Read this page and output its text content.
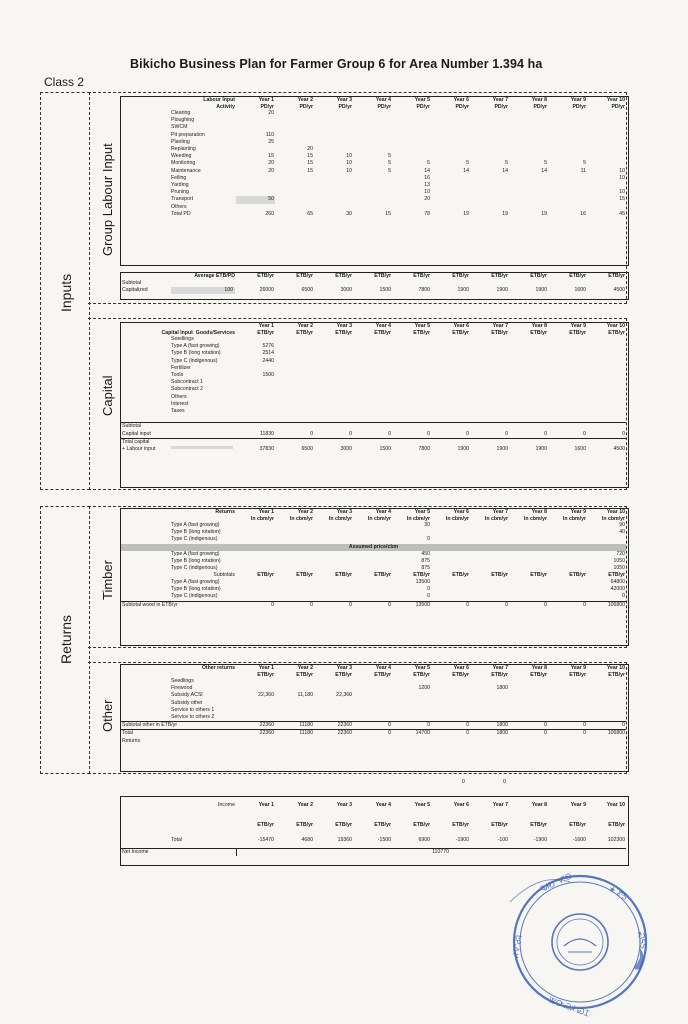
Bikicho Business Plan for Farmer Group 6 for Area Number 1.394 ha
Class 2
Inputs
Returns
Group Labour Input
Capital
Timber
Other
Labour Input	Year 1	Year 2	Year 3	Year 4	Year 5	Year 6	Year 7	Year 8	Year 9	Year 10
Activity	PD/yr	PD/yr	PD/yr	PD/yr	PD/yr	PD/yr	PD/yr	PD/yr	PD/yr	PD/yr
Clearing	20									
Ploughing										
SWCM										
Pit preparation	110									
Planting	25									
Replanting		20								
Weeding	15	15	10	5						
Monitoring	20	15	10	5	5	5	5	5	5	
Maintenance	20	15	10	5	14	14	14	14	11	10
Felling					16					10
Yarding					13					
Pruning					10					10
Transport	50				20					15
Others										
Total PD	260	65	30	15	78	19	19	19	16	45
Average ETB/PD	ETB/yr	ETB/yr	ETB/yr	ETB/yr	ETB/yr	ETB/yr	ETB/yr	ETB/yr	ETB/yr	ETB/yr
Subtotal										
Capitalized 100	26000	6500	3000	1500	7800	1900	1900	1900	1600	4500
	Year 1	Year 2	Year 3	Year 4	Year 5	Year 6	Year 7	Year 8	Year 9	Year 10
Capital Input Goods/Services	ETB/yr	ETB/yr	ETB/yr	ETB/yr	ETB/yr	ETB/yr	ETB/yr	ETB/yr	ETB/yr	ETB/yr
Seedlings										
Type A (fast growing)	5276									
Type B (long rotation)	2514									
Type C (indigenous)	2440									
Fertilizer										
Tools	1500									
Subcontract 1										
Subcontract 2										
Others										
Interest										
Taxes										

Subtotal										
Capital input	11830	0	0	0	0	0	0	0	0	0
Total capital										
+ Labour input	37830	6500	3000	1500	7800	1900	1900	1900	1600	4500
Returns	Year 1	Year 2	Year 3	Year 4	Year 5	Year 6	Year 7	Year 8	Year 9	Year 10
	In cbm/yr	In cbm/yr	In cbm/yr	In cbm/yr	In cbm/yr	In cbm/yr	In cbm/yr	In cbm/yr	In cbm/yr	In cbm/yr
Type A (fast growing)					30					90
Type B (long rotation)										40
Type C (indigenous)					0					
Assumed price/cbm										
Type A (fast growing)					450					720
Type B (long rotation)					875					1050
Type C (indigenous)					875					1050
Subtotals	ETB/yr	ETB/yr	ETB/yr	ETB/yr	ETB/yr	ETB/yr	ETB/yr	ETB/yr	ETB/yr	ETB/yr
Type A (fast growing)					13500					64800
Type B (long rotation)					0					42000
Type C (indigenous)					0					0
Subtotal wood in ETB/yr	0	0	0	0	13500	0	0	0	0	106800
Other returns	Year 1	Year 2	Year 3	Year 4	Year 5	Year 6	Year 7	Year 8	Year 9	Year 10
	ETB/yr	ETB/yr	ETB/yr	ETB/yr	ETB/yr	ETB/yr	ETB/yr	ETB/yr	ETB/yr	ETB/yr
Seedlings										
Firewood					1200		1800			
Subsidy ACSI	22,360	11,180	22,360							
Subsidy other										
Service to others 1										
Service to others 2										
Subtotal other in ETB/yr	22360	11180	22360	0	0	0	1800	0	0	0
Total	22360	11180	22360	0	14700	0	1800	0	0	106800
Returns										
0	0
Income	Year 1	Year 2	Year 3	Year 4	Year 5	Year 6	Year 7	Year 8	Year 9	Year 10

	ETB/yr	ETB/yr	ETB/yr	ETB/yr	ETB/yr	ETB/yr	ETB/yr	ETB/yr	ETB/yr	ETB/yr

Total	-15470	4680	19360	-1500	6900	-1900	-100	-1900	-1600	102300

Net Income	110770									
ᎸᏗᏬ ᏉᏫ	★ ᏑᎦ
ᏗᏉᏧᎸ	ᏍᎦᏚ
ᏔᏅᏍᏗ ᏍᏆ
